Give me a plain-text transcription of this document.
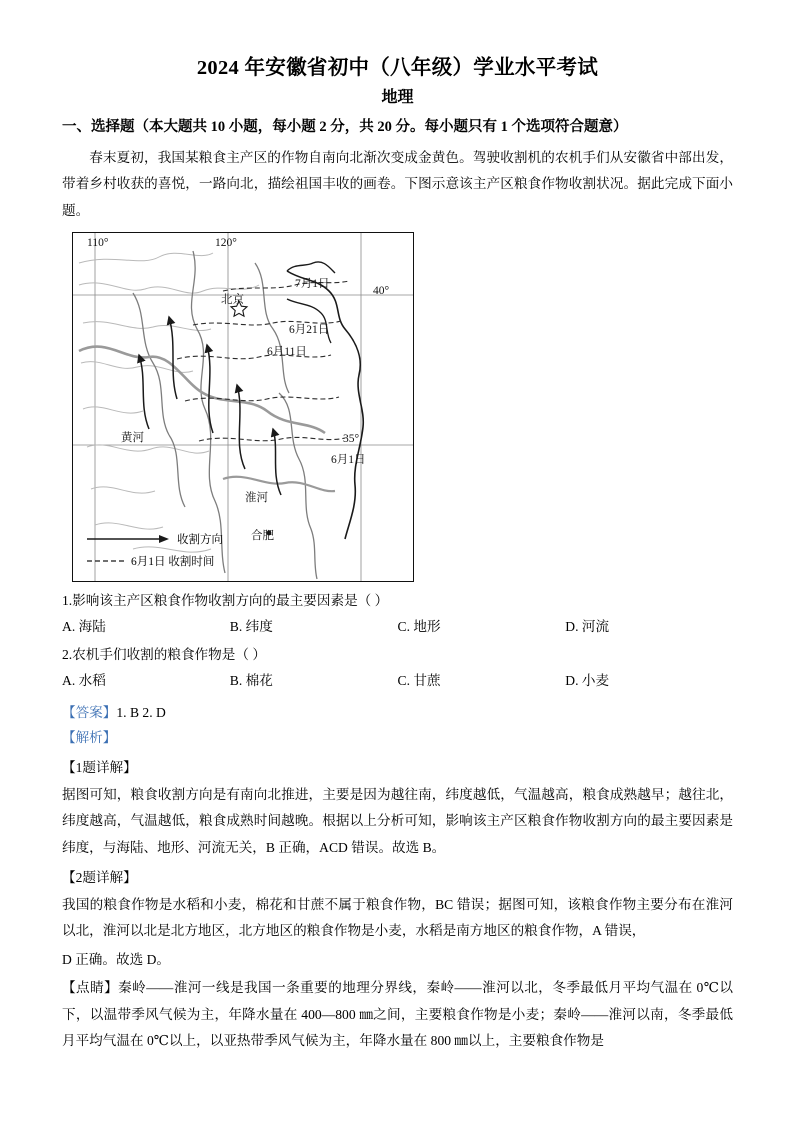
2024 年安徽省初中（八年级）学业水平考试
地理
一、选择题（本大题共 10 小题，每小题 2 分，共 20 分。每小题只有 1 个选项符合题意）

春末夏初，我国某粮食主产区的作物自南向北渐次变成金黄色。驾驶收割机的农机手们从安徽省中部出发，带着乡村收获的喜悦，一路向北，描绘祖国丰收的画卷。下图示意该主产区粮食作物收割状况。据此完成下面小题。

110°	120°
40°
35°
北京
合肥
黄河
淮河
7月1日
6月21日
6月11日
6月1日
收割方向
6月1日 收割时间

1.影响该主产区粮食作物收割方向的最主要因素是（ ）

A. 海陆	B. 纬度	C. 地形	D. 河流

2.农机手们收割的粮食作物是（ ）

A. 水稻	B. 棉花	C. 甘蔗	D. 小麦

【答案】1. B 2. D

【解析】

【1题详解】

据图可知，粮食收割方向是有南向北推进，主要是因为越往南，纬度越低，气温越高，粮食成熟越早；越往北，纬度越高，气温越低，粮食成熟时间越晚。根据以上分析可知，影响该主产区粮食作物收割方向的最主要因素是纬度，与海陆、地形、河流无关，B 正确，ACD 错误。故选 B。

【2题详解】

我国的粮食作物是水稻和小麦，棉花和甘蔗不属于粮食作物，BC 错误；据图可知，该粮食作物主要分布在淮河以北，淮河以北是北方地区，北方地区的粮食作物是小麦，水稻是南方地区的粮食作物，A 错误，

D 正确。故选 D。

【点睛】秦岭——淮河一线是我国一条重要的地理分界线，秦岭——淮河以北，冬季最低月平均气温在 0℃以下，以温带季风气候为主，年降水量在 400—800 ㎜之间，主要粮食作物是小麦；秦岭——淮河以南，冬季最低月平均气温在 0℃以上，以亚热带季风气候为主，年降水量在 800 ㎜以上，主要粮食作物是
